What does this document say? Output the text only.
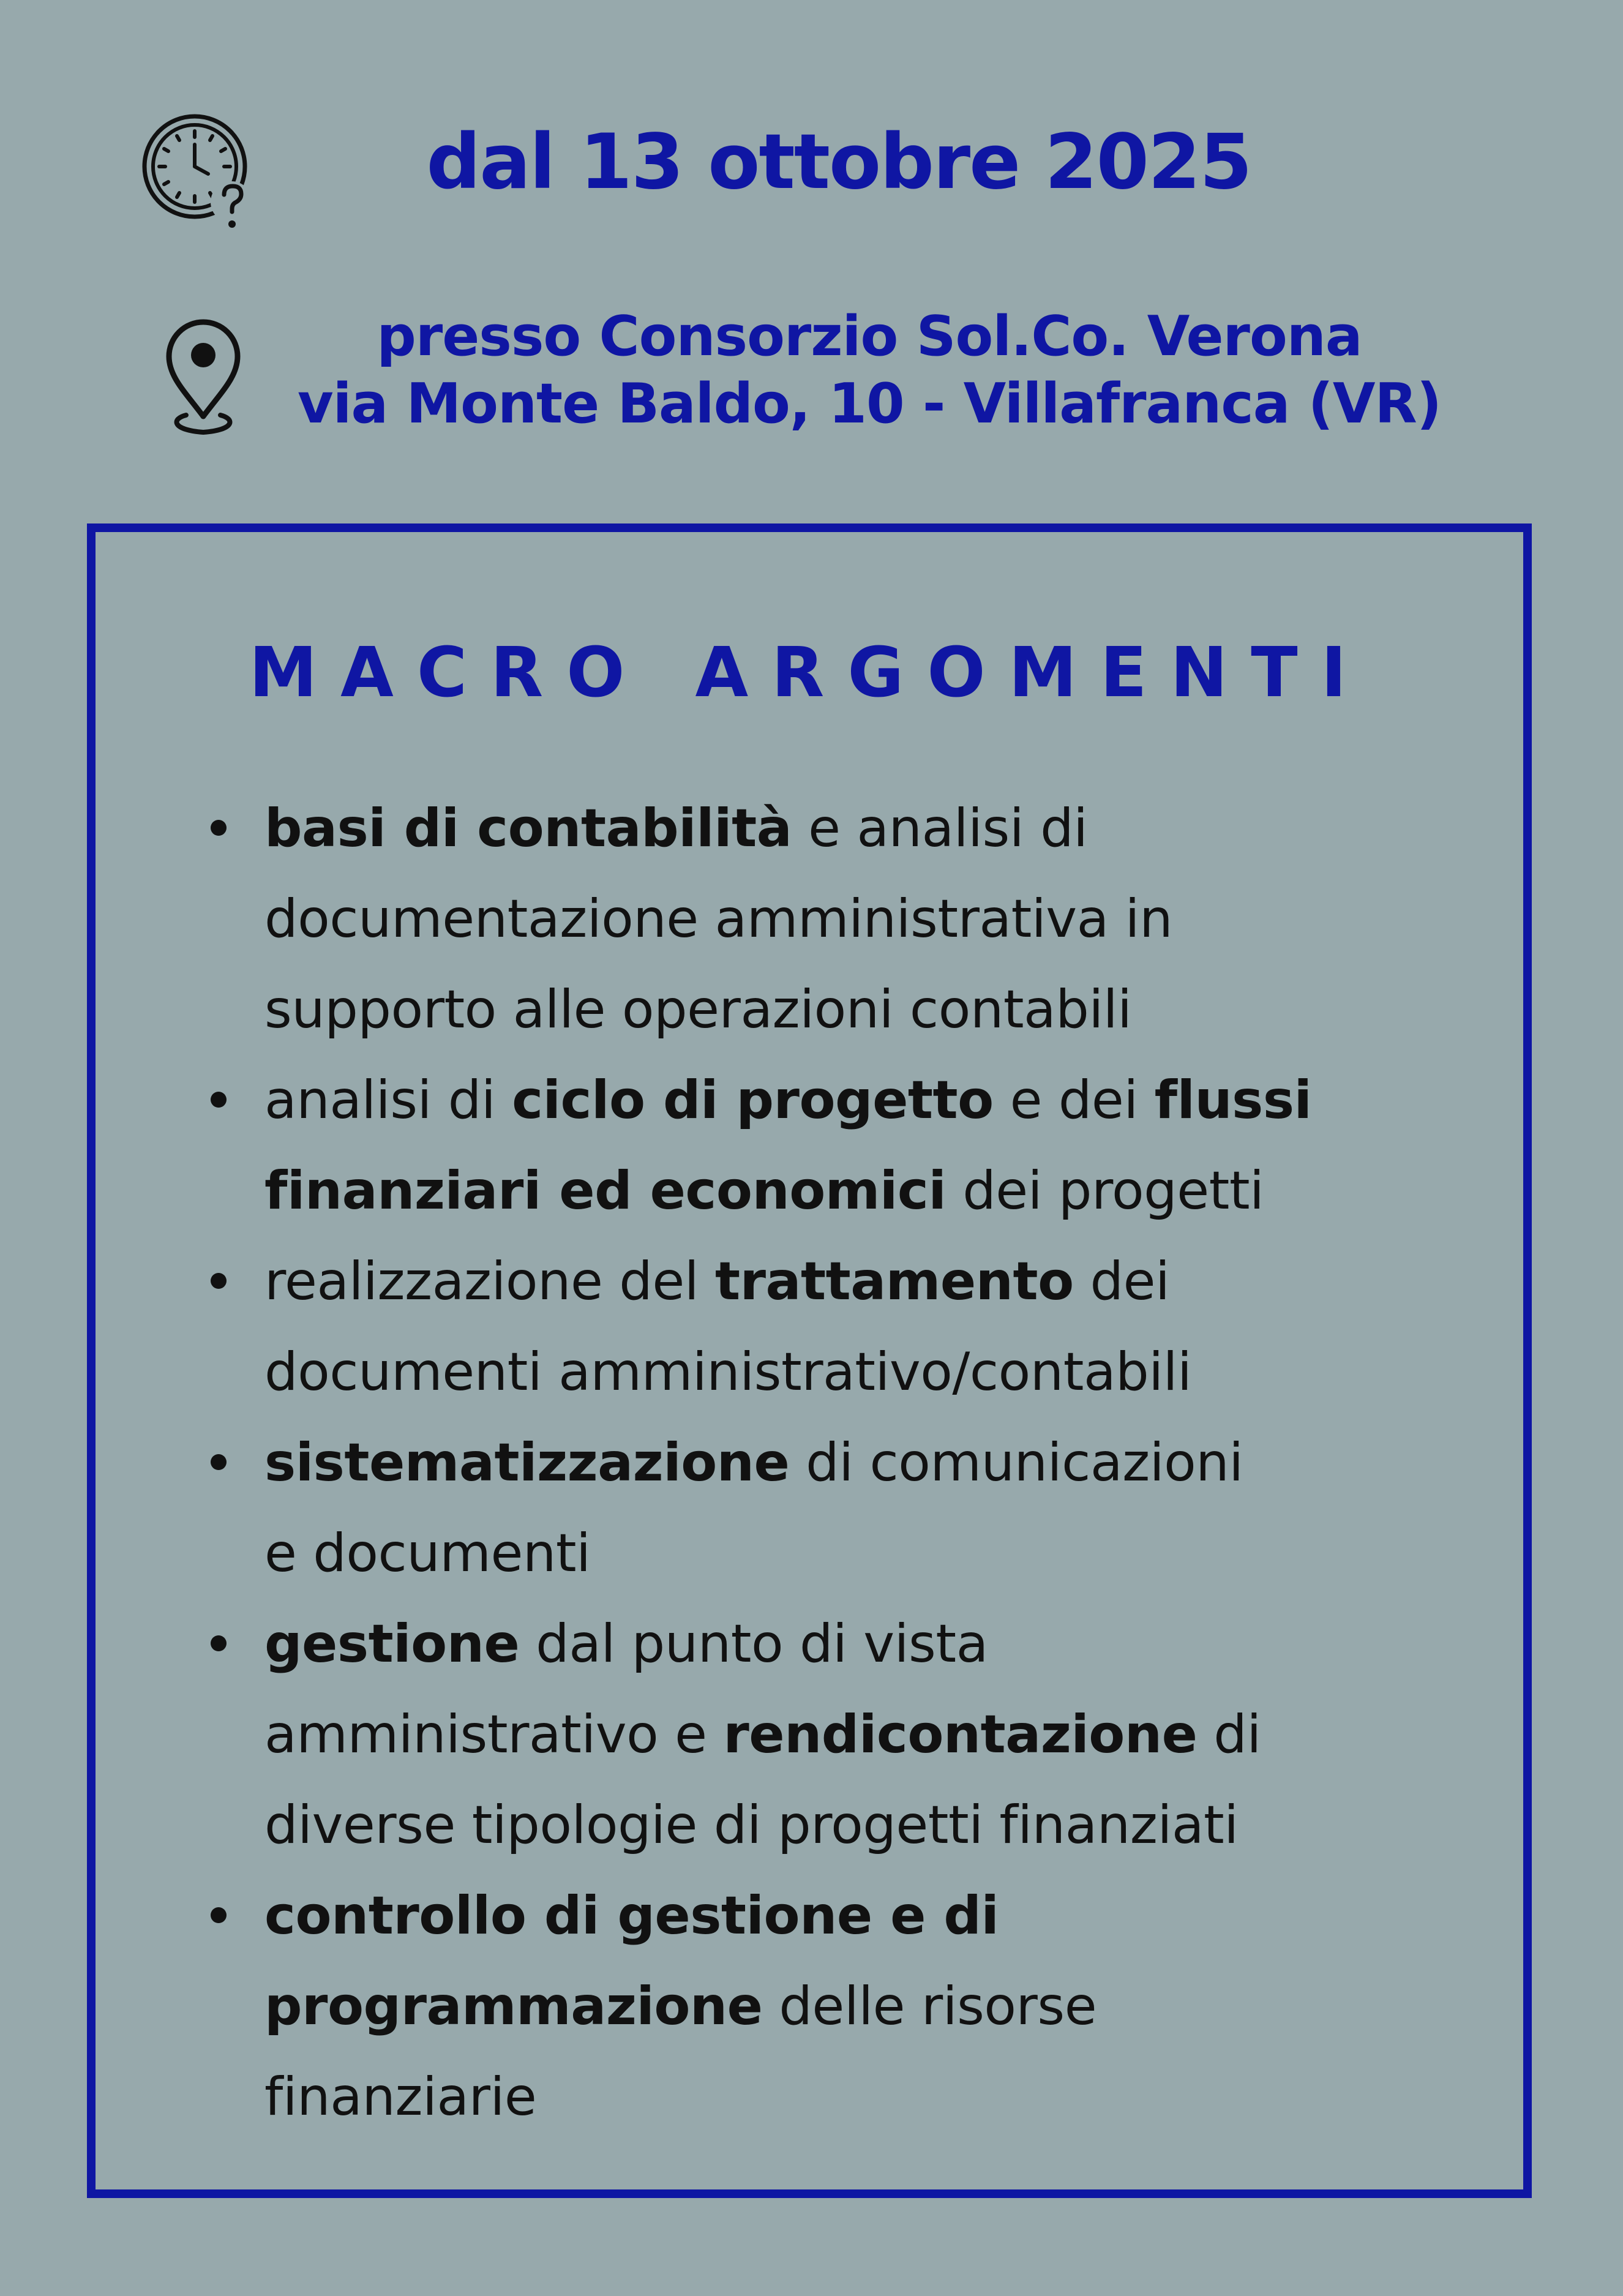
dal 13 ottobre 2025
presso Consorzio Sol.Co. Verona
via Monte Baldo, 10 - Villafranca (VR)
MACRO ARGOMENTI
basi di contabilità e analisi di
documentazione amministrativa in
supporto alle operazioni contabili
analisi di ciclo di progetto e dei flussi
finanziari ed economici dei progetti
realizzazione del trattamento dei
documenti amministrativo/contabili
sistematizzazione di comunicazioni
e documenti
gestione dal punto di vista
amministrativo e rendicontazione di
diverse tipologie di progetti finanziati
controllo di gestione e di
programmazione delle risorse
finanziarie
